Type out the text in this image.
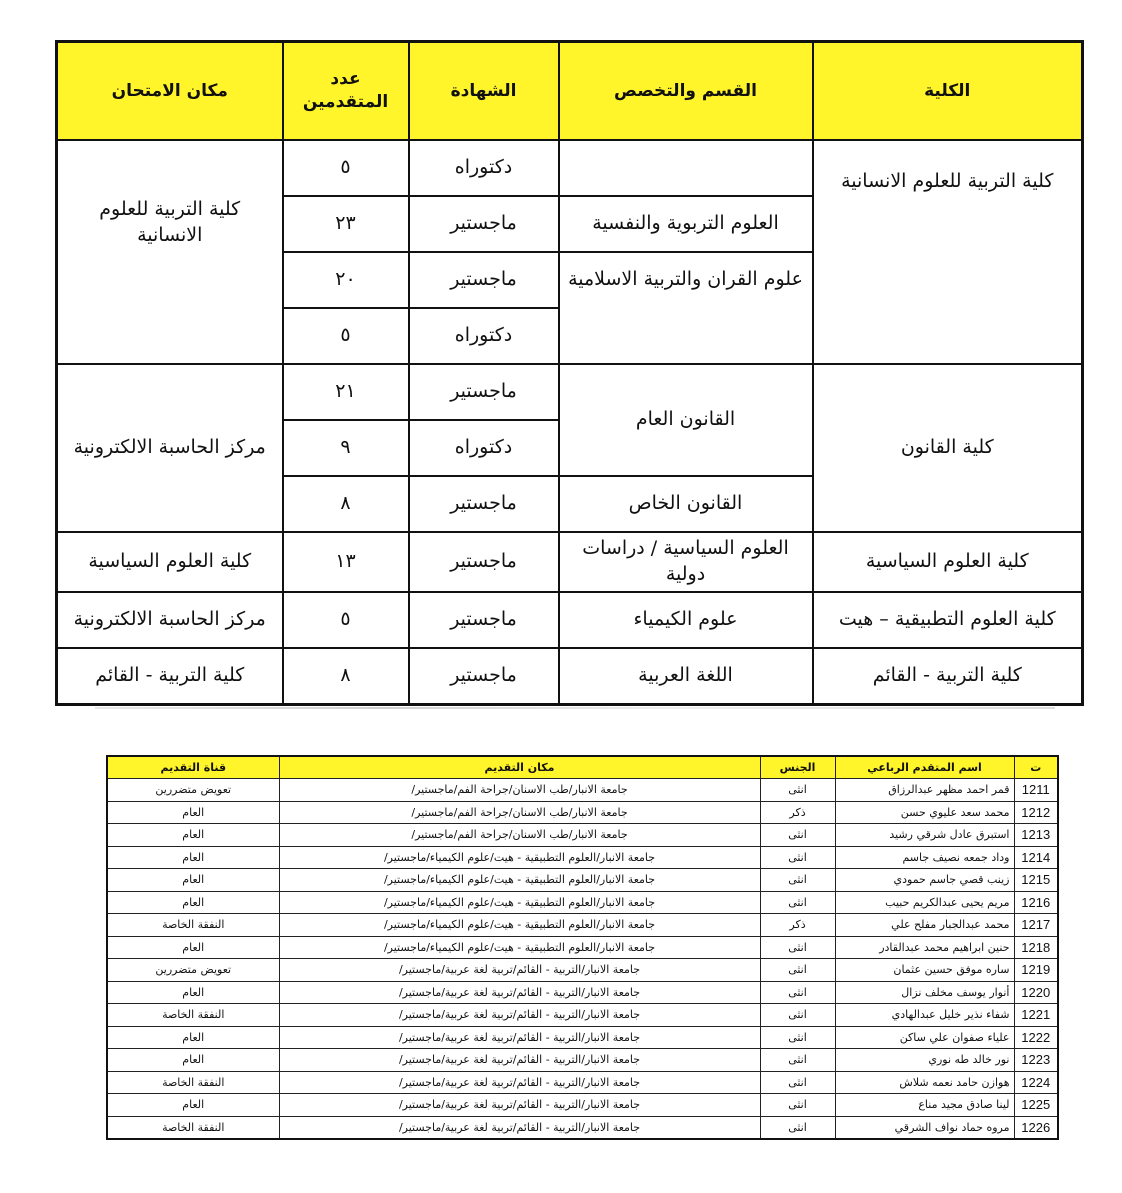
الكلية	القسم والتخصص	الشهادة	عدد المتقدمين	مكان الامتحان
كلية التربية للعلوم الانسانية		دكتوراه	٥	كلية التربية للعلوم الانسانية
	العلوم التربوية والنفسية	ماجستير	٢٣	
	علوم القران والتربية الاسلامية	ماجستير	٢٠	
		دكتوراه	٥	
كلية القانون	القانون العام	ماجستير	٢١	مركز الحاسبة الالكترونية
		دكتوراه	٩	
	القانون الخاص	ماجستير	٨	
كلية العلوم السياسية	العلوم السياسية / دراسات دولية	ماجستير	١٣	كلية العلوم السياسية
كلية العلوم التطبيقية – هيت	علوم الكيمياء	ماجستير	٥	مركز الحاسبة الالكترونية
كلية التربية - القائم	اللغة العربية	ماجستير	٨	كلية التربية - القائم
ت	اسم المتقدم الرباعي	الجنس	مكان التقديم	قناة التقديم
1211	قمر احمد مظهر عبدالرزاق	انثى	جامعة الانبار/طب الاسنان/جراحة الفم/ماجستير/	تعويض متضررين
1212	محمد سعد عليوي حسن	ذكر	جامعة الانبار/طب الاسنان/جراحة الفم/ماجستير/	العام
1213	استبرق عادل شرقي رشيد	انثى	جامعة الانبار/طب الاسنان/جراحة الفم/ماجستير/	العام
1214	وداد جمعه نصيف جاسم	انثى	جامعة الانبار/العلوم التطبيقية - هيت/علوم الكيمياء/ماجستير/	العام
1215	زينب قصي جاسم حمودي	انثى	جامعة الانبار/العلوم التطبيقية - هيت/علوم الكيمياء/ماجستير/	العام
1216	مريم يحيى عبدالكريم حبيب	انثى	جامعة الانبار/العلوم التطبيقية - هيت/علوم الكيمياء/ماجستير/	العام
1217	محمد عبدالجبار مفلح علي	ذكر	جامعة الانبار/العلوم التطبيقية - هيت/علوم الكيمياء/ماجستير/	النفقة الخاصة
1218	حنين ابراهيم محمد عبدالقادر	انثى	جامعة الانبار/العلوم التطبيقية - هيت/علوم الكيمياء/ماجستير/	العام
1219	ساره موفق حسين عثمان	انثى	جامعة الانبار/التربية - القائم/تربية لغة عربية/ماجستير/	تعويض متضررين
1220	أنوار يوسف مخلف نزال	انثى	جامعة الانبار/التربية - القائم/تربية لغة عربية/ماجستير/	العام
1221	شفاء نذير خليل عبدالهادي	انثى	جامعة الانبار/التربية - القائم/تربية لغة عربية/ماجستير/	النفقة الخاصة
1222	علياء صفوان علي ساكن	انثى	جامعة الانبار/التربية - القائم/تربية لغة عربية/ماجستير/	العام
1223	نور خالد طه نوري	انثى	جامعة الانبار/التربية - القائم/تربية لغة عربية/ماجستير/	العام
1224	هوازن حامد نعمه شلاش	انثى	جامعة الانبار/التربية - القائم/تربية لغة عربية/ماجستير/	النفقة الخاصة
1225	لينا صادق مجيد مناع	انثى	جامعة الانبار/التربية - القائم/تربية لغة عربية/ماجستير/	العام
1226	مروه حماد نواف الشرقي	انثى	جامعة الانبار/التربية - القائم/تربية لغة عربية/ماجستير/	النفقة الخاصة
